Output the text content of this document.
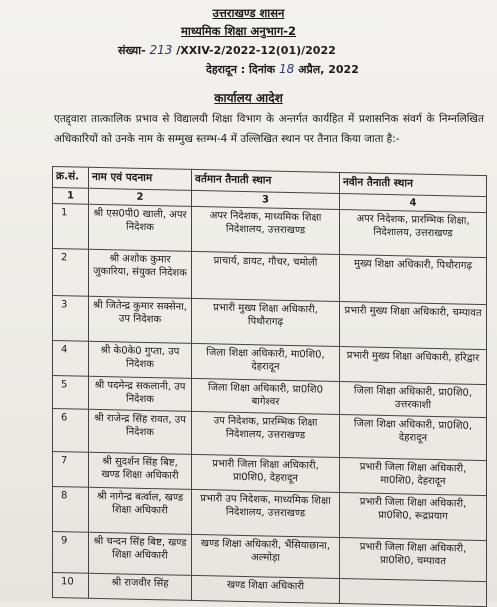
उत्तराखण्ड शासन
माध्यमिक शिक्षा अनुभाग-2
संख्या- 213 /XXIV-2/2022-12(01)/2022
देहरादून : दिनांक 18 अप्रैल, 2022
कार्यालय आदेश
एतद्द्वारा तात्कालिक प्रभाव से विद्यालयी शिक्षा विभाग के अन्तर्गत कार्यहित में प्रशासनिक संवर्ग के निम्नलिखित अधिकारियों को उनके नाम के सम्मुख स्तम्भ-4 में उल्लिखित स्थान पर तैनात किया जाता है:-
क्र.सं.	नाम एवं पदनाम	वर्तमान तैनाती स्थान	नवीन तैनाती स्थान
1	2	3	4
1	श्री एस0पी0 खाली, अपर निदेशक	अपर निदेशक, माध्यमिक शिक्षा निदेशालय, उत्तराखण्ड	अपर निदेशक, प्रारम्भिक शिक्षा, निदेशालय, उत्तराखण्ड
2	श्री अशोक कुमार जुकारिया, संयुक्त निदेशक	प्राचार्य, डायट, गौचर, चमोली	मुख्य शिक्षा अधिकारी, पिथौरागढ़
3	श्री जितेन्द्र कुमार सक्सेना, उप निदेशक	प्रभारी मुख्य शिक्षा अधिकारी, पिथौरागढ़	प्रभारी मुख्य शिक्षा अधिकारी, चम्पावत
4	श्री के0के0 गुप्ता, उप निदेशक	जिला शिक्षा अधिकारी, मा0शि0, देहरादून	प्रभारी मुख्य शिक्षा अधिकारी, हरिद्वार
5	श्री पदमेन्द्र सकलानी, उप निदेशक	जिला शिक्षा अधिकारी, प्रा0शि0 बागेश्वर	जिला शिक्षा अधिकारी, प्रा0शि0, उत्तरकाशी
6	श्री राजेन्द्र सिंह रावत, उप निदेशक	उप निदेशक, प्रारम्भिक शिक्षा निदेशालय, उत्तराखण्ड	जिला शिक्षा अधिकारी, प्रा0शि0, देहरादून
7	श्री सुदर्शन सिंह बिष्ट, खण्ड शिक्षा अधिकारी	प्रभारी जिला शिक्षा अधिकारी, प्रा0शि0, देहरादून	प्रभारी जिला शिक्षा अधिकारी, मा0शि0, देहरादून
8	श्री नागेन्द्र बर्त्वाल, खण्ड शिक्षा अधिकारी	प्रभारी उप निदेशक, माध्यमिक शिक्षा निदेशालय, उत्तराखण्ड	प्रभारी जिला शिक्षा अधिकारी, प्रा0शि0, रूद्रप्रयाग
9	श्री चन्दन सिंह बिष्ट, खण्ड शिक्षा अधिकारी	खण्ड शिक्षा अधिकारी, भैंसियाछाना, अल्मोड़ा	प्रभारी जिला शिक्षा अधिकारी, प्रा0शि0, चम्पावत
10	श्री राजवीर सिंह	खण्ड शिक्षा अधिकारी	
